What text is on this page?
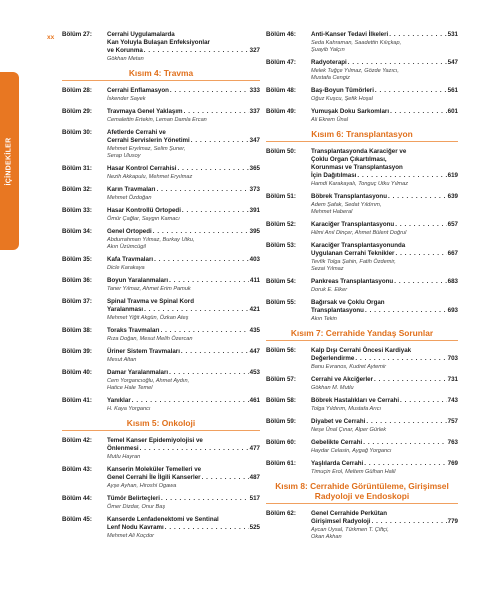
xx
İÇİNDEKİLER
Bölüm 27:	Cerrahi Uygulamalarda
Kan Yoluyla Bulaşan Enfeksiyonlar
ve Korunma . . .	327
Gökhan Metan
Kısım 4: Travma
Bölüm 28:	Cerrahi Enflamasyon . . .	333
İskender Sayek
Bölüm 29:	Travmaya Genel Yaklaşım . . .	337
Cemalettin Ertekin, Leman Damla Ercan
Bölüm 30:	Afetlerde Cerrahi ve
Cerrahi Servislerin Yönetimi . . .	347
Mehmet Eryılmaz, Selim Şuner,
Serap Ulusoy
Bölüm 31:	Hasar Kontrol Cerrahisi . . .	365
Nezih Akkapulu, Mehmet Eryılmaz
Bölüm 32:	Karın Travmaları . . .	373
Mehmet Özdoğan
Bölüm 33:	Hasar Kontrollü Ortopedi . . .	391
Ömür Çağlar, Saygın Kamacı
Bölüm 34:	Genel Ortopedi . . .	395
Abdurrahman Yılmaz, Burkay Utku,
Akın Üzümcügil
Bölüm 35:	Kafa Travmaları . . .	403
Dicle Karakaya
Bölüm 36:	Boyun Yaralanmaları . . .	411
Taner Yılmaz, Ahmet Erim Pamuk
Bölüm 37:	Spinal Travma ve Spinal Kord
Yaralanması . . .	421
Mehmet Yiğit Akgün, Özkan Ateş
Bölüm 38:	Toraks Travmaları . . .	435
Rıza Doğan, Mesut Melih Özercan
Bölüm 39:	Üriner Sistem Travmaları . . .	447
Mesut Altan
Bölüm 40:	Damar Yaralanmaları . . .	453
Cem Yorgancıoğlu, Ahmet Aydın,
Hatice Hale Temel
Bölüm 41:	Yanıklar . . .	461
H. Kaya Yorgancı
Kısım 5: Onkoloji
Bölüm 42:	Temel Kanser Epidemiyolojisi ve
Önlenmesi . . .	477
Mutlu Hayran
Bölüm 43:	Kanserin Moleküler Temelleri ve
Genel Cerrahi İle İlgili Kanserler . . .	487
Ayşe Ayhan, Hiroshi Ogawa
Bölüm 44:	Tümör Belirteçleri . . .	517
Ömer Dizdar, Onur Baş
Bölüm 45:	Kanserde Lenfadenektomi ve Sentinal
Lenf Nodu Kavramı . . .	525
Mehmet Ali Koçdor
Bölüm 46:	Anti-Kanser Tedavi İlkeleri . . .	531
Seda Kahraman, Saadettin Kılıçkap,
Şuayib Yalçın
Bölüm 47:	Radyoterapi . . .	547
Melek Tuğçe Yılmaz, Gözde Yazıcı,
Mustafa Cengiz
Bölüm 48:	Baş-Boyun Tümörleri . . .	561
Oğuz Kuşcu, Şefik Hoşal
Bölüm 49:	Yumuşak Doku Sarkomları . . .	601
Ali Ekrem Ünal
Kısım 6: Transplantasyon
Bölüm 50:	Transplantasyonda Karaciğer ve
Çoklu Organ Çıkartılması,
Korunması ve Transplantasyon
İçin Dağıtılması . . .	619
Hamdi Karakayalı, Tonguç Utku Yılmaz
Bölüm 51:	Böbrek Transplantasyonu . . .	639
Adem Şafak, Sedat Yıldırım,
Mehmet Haberal
Bölüm 52:	Karaciğer Transplantasyonu . . .	657
Hilmi Anıl Dinçer, Ahmet Bülent Doğrul
Bölüm 53:	Karaciğer Transplantasyonunda
Uygulanan Cerrahi Teknikler . . .	667
Tevfik Tolga Şahin, Fatih Özdemir,
Sezai Yılmaz
Bölüm 54:	Pankreas Transplantasyonu . . .	683
Doruk E. Elker
Bölüm 55:	Bağırsak ve Çoklu Organ
Transplantasyonu . . .	693
Akın Tekin
Kısım 7: Cerrahide Yandaş Sorunlar
Bölüm 56:	Kalp Dışı Cerrahi Öncesi Kardiyak
Değerlendirme . . .	703
Banu Evranos, Kudret Aytemir
Bölüm 57:	Cerrahi ve Akciğerler . . .	731
Gökhan M. Mutlu
Bölüm 58:	Böbrek Hastalıkları ve Cerrahi . . .	743
Tolga Yıldırım, Mustafa Arıcı
Bölüm 59:	Diyabet ve Cerrahi . . .	757
Neşe Ünal Çınar, Alper Gürlek
Bölüm 60:	Gebelikte Cerrahi . . .	763
Haydar Celasin, Aygağ Yorgancı
Bölüm 61:	Yaşlılarda Cerrahi . . .	769
Timuçin Erol, Meltem Gülhan Halil
Kısım 8: Cerrahide Görüntüleme, Girişimsel Radyoloji ve Endoskopi
Bölüm 62:	Genel Cerrahide Perkütan
Girişimsel Radyoloji . . .	779
Aycan Uysal, Türkmen T. Çiftçi,
Okan Akhan
